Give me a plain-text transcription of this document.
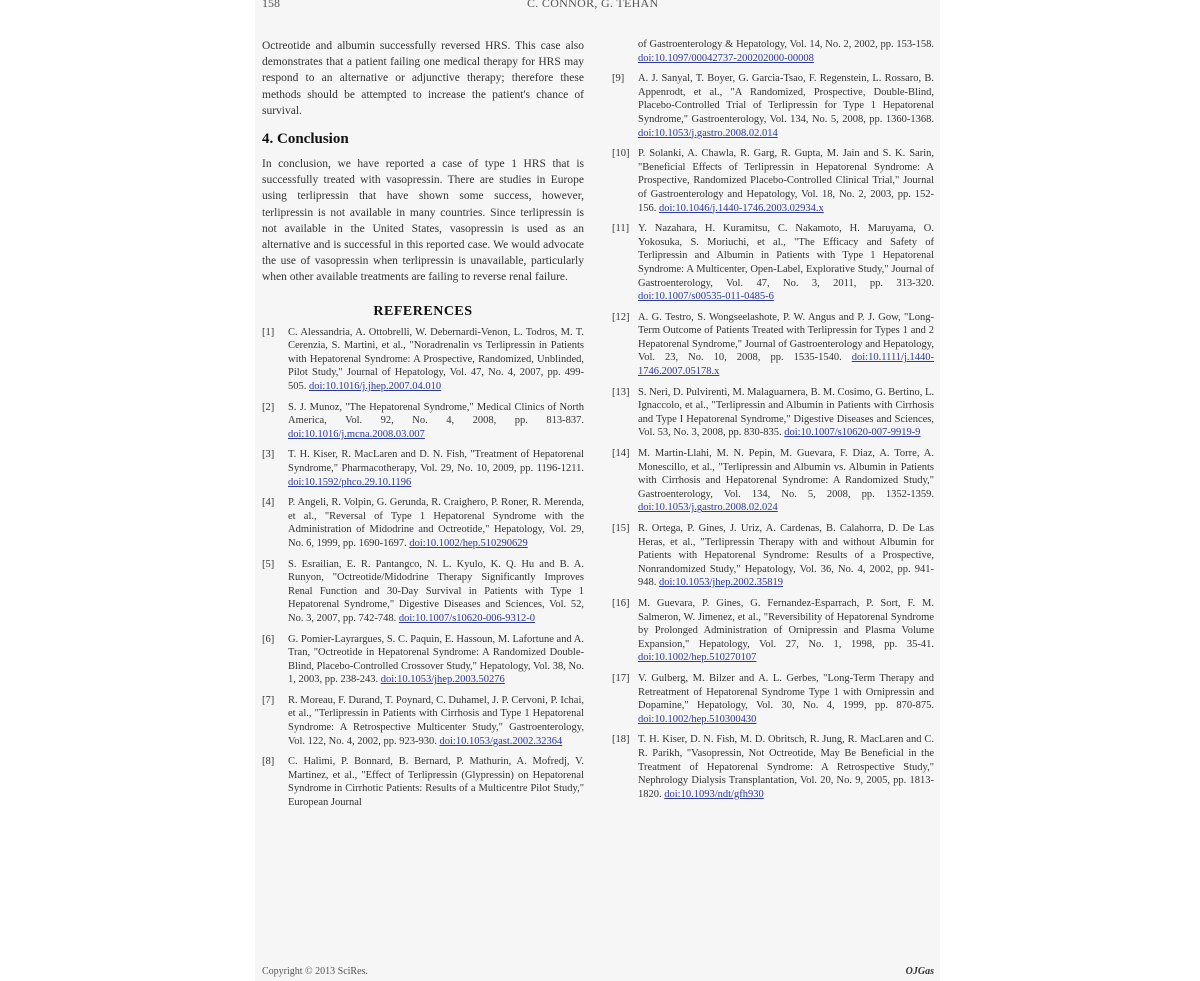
158	C. CONNOR, G. TEHAN

Octreotide and albumin successfully reversed HRS. This case also demonstrates that a patient failing one medical therapy for HRS may respond to an alternative or adjunctive therapy; therefore these methods should be attempted to increase the patient's chance of survival.

4. Conclusion

In conclusion, we have reported a case of type 1 HRS that is successfully treated with vasopressin. There are studies in Europe using terlipressin that have shown some success, however, terlipressin is not available in many countries. Since terlipressin is not available in the United States, vasopressin is used as an alternative and is successful in this reported case. We would advocate the use of vasopressin when terlipressin is unavailable, particularly when other available treatments are failing to reverse renal failure.

REFERENCES
[1]	C. Alessandria, A. Ottobrelli, W. Debernardi-Venon, L. Todros, M. T. Cerenzia, S. Martini, et al., "Noradrenalin vs Terlipressin in Patients with Hepatorenal Syndrome: A Prospective, Randomized, Unblinded, Pilot Study," Journal of Hepatology, Vol. 47, No. 4, 2007, pp. 499-505. doi:10.1016/j.jhep.2007.04.010
[2]	S. J. Munoz, "The Hepatorenal Syndrome," Medical Clinics of North America, Vol. 92, No. 4, 2008, pp. 813-837. doi:10.1016/j.mcna.2008.03.007
[3]	T. H. Kiser, R. MacLaren and D. N. Fish, "Treatment of Hepatorenal Syndrome," Pharmacotherapy, Vol. 29, No. 10, 2009, pp. 1196-1211. doi:10.1592/phco.29.10.1196
[4]	P. Angeli, R. Volpin, G. Gerunda, R. Craighero, P. Roner, R. Merenda, et al., "Reversal of Type 1 Hepatorenal Syndrome with the Administration of Midodrine and Octreotide," Hepatology, Vol. 29, No. 6, 1999, pp. 1690-1697. doi:10.1002/hep.510290629
[5]	S. Esrailian, E. R. Pantangco, N. L. Kyulo, K. Q. Hu and B. A. Runyon, "Octreotide/Midodrine Therapy Significantly Improves Renal Function and 30-Day Survival in Patients with Type 1 Hepatorenal Syndrome," Digestive Diseases and Sciences, Vol. 52, No. 3, 2007, pp. 742-748. doi:10.1007/s10620-006-9312-0
[6]	G. Pomier-Layrargues, S. C. Paquin, E. Hassoun, M. Lafortune and A. Tran, "Octreotide in Hepatorenal Syndrome: A Randomized Double-Blind, Placebo-Controlled Crossover Study," Hepatology, Vol. 38, No. 1, 2003, pp. 238-243. doi:10.1053/jhep.2003.50276
[7]	R. Moreau, F. Durand, T. Poynard, C. Duhamel, J. P. Cervoni, P. Ichai, et al., "Terlipressin in Patients with Cirrhosis and Type 1 Hepatorenal Syndrome: A Retrospective Multicenter Study," Gastroenterology, Vol. 122, No. 4, 2002, pp. 923-930. doi:10.1053/gast.2002.32364
[8]	C. Halimi, P. Bonnard, B. Bernard, P. Mathurin, A. Mofredj, V. Martinez, et al., "Effect of Terlipressin (Glypressin) on Hepatorenal Syndrome in Cirrhotic Patients: Results of a Multicentre Pilot Study," European Journal
of Gastroenterology & Hepatology, Vol. 14, No. 2, 2002, pp. 153-158. doi:10.1097/00042737-200202000-00008
[9]	A. J. Sanyal, T. Boyer, G. Garcia-Tsao, F. Regenstein, L. Rossaro, B. Appenrodt, et al., "A Randomized, Prospective, Double-Blind, Placebo-Controlled Trial of Terlipressin for Type 1 Hepatorenal Syndrome," Gastroenterology, Vol. 134, No. 5, 2008, pp. 1360-1368. doi:10.1053/j.gastro.2008.02.014
[10] P. Solanki, A. Chawla, R. Garg, R. Gupta, M. Jain and S. K. Sarin, "Beneficial Effects of Terlipressin in Hepatorenal Syndrome: A Prospective, Randomized Placebo-Controlled Clinical Trial," Journal of Gastroenterology and Hepatology, Vol. 18, No. 2, 2003, pp. 152-156. doi:10.1046/j.1440-1746.2003.02934.x
[11] Y. Nazahara, H. Kuramitsu, C. Nakamoto, H. Maruyama, O. Yokosuka, S. Moriuchi, et al., "The Efficacy and Safety of Terlipressin and Albumin in Patients with Type 1 Hepatorenal Syndrome: A Multicenter, Open-Label, Explorative Study," Journal of Gastroenterology, Vol. 47, No. 3, 2011, pp. 313-320. doi:10.1007/s00535-011-0485-6
[12] A. G. Testro, S. Wongseelashote, P. W. Angus and P. J. Gow, "Long-Term Outcome of Patients Treated with Terlipressin for Types 1 and 2 Hepatorenal Syndrome," Journal of Gastroenterology and Hepatology, Vol. 23, No. 10, 2008, pp. 1535-1540. doi:10.1111/j.1440-1746.2007.05178.x
[13] S. Neri, D. Pulvirenti, M. Malaguarnera, B. M. Cosimo, G. Bertino, L. Ignaccolo, et al., "Terlipressin and Albumin in Patients with Cirrhosis and Type I Hepatorenal Syndrome," Digestive Diseases and Sciences, Vol. 53, No. 3, 2008, pp. 830-835. doi:10.1007/s10620-007-9919-9
[14] M. Martin-Llahi, M. N. Pepin, M. Guevara, F. Diaz, A. Torre, A. Monescillo, et al., "Terlipressin and Albumin vs. Albumin in Patients with Cirrhosis and Hepatorenal Syndrome: A Randomized Study," Gastroenterology, Vol. 134, No. 5, 2008, pp. 1352-1359. doi:10.1053/j.gastro.2008.02.024
[15] R. Ortega, P. Gines, J. Uriz, A. Cardenas, B. Calahorra, D. De Las Heras, et al., "Terlipressin Therapy with and without Albumin for Patients with Hepatorenal Syndrome: Results of a Prospective, Nonrandomized Study," Hepatology, Vol. 36, No. 4, 2002, pp. 941-948. doi:10.1053/jhep.2002.35819
[16] M. Guevara, P. Gines, G. Fernandez-Esparrach, P. Sort, F. M. Salmeron, W. Jimenez, et al., "Reversibility of Hepatorenal Syndrome by Prolonged Administration of Ornipressin and Plasma Volume Expansion," Hepatology, Vol. 27, No. 1, 1998, pp. 35-41. doi:10.1002/hep.510270107
[17] V. Gulberg, M. Bilzer and A. L. Gerbes, "Long-Term Therapy and Retreatment of Hepatorenal Syndrome Type 1 with Ornipressin and Dopamine," Hepatology, Vol. 30, No. 4, 1999, pp. 870-875. doi:10.1002/hep.510300430
[18] T. H. Kiser, D. N. Fish, M. D. Obritsch, R. Jung, R. MacLaren and C. R. Parikh, "Vasopressin, Not Octreotide, May Be Beneficial in the Treatment of Hepatorenal Syndrome: A Retrospective Study," Nephrology Dialysis Transplantation, Vol. 20, No. 9, 2005, pp. 1813-1820. doi:10.1093/ndt/gfh930
Copyright © 2013 SciRes.	OJGas
